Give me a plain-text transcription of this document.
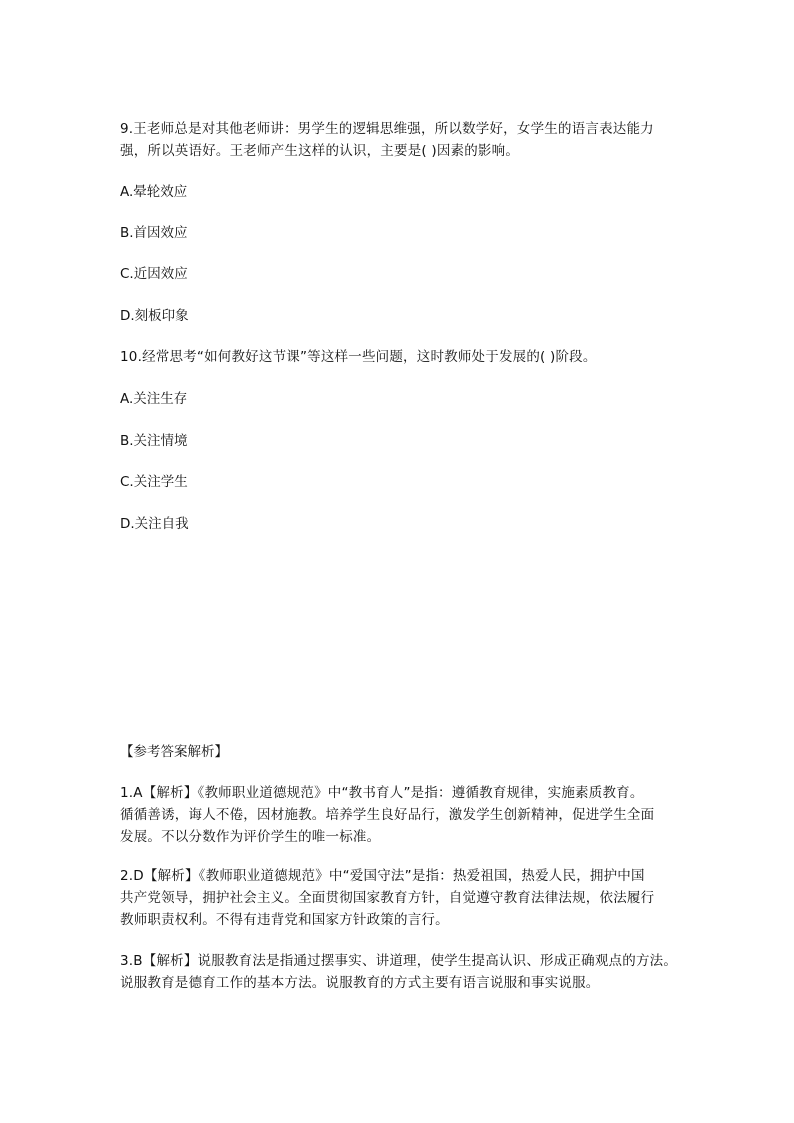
9.王老师总是对其他老师讲：男学生的逻辑思维强，所以数学好，女学生的语言表达能力
强，所以英语好。王老师产生这样的认识，主要是( )因素的影响。
A.晕轮效应
B.首因效应
C.近因效应
D.刻板印象
10.经常思考“如何教好这节课”等这样一些问题，这时教师处于发展的( )阶段。
A.关注生存
B.关注情境
C.关注学生
D.关注自我
【参考答案解析】
1.A【解析】《教师职业道德规范》中“教书育人”是指：遵循教育规律，实施素质教育。
循循善诱，诲人不倦，因材施教。培养学生良好品行，激发学生创新精神，促进学生全面
发展。不以分数作为评价学生的唯一标准。
2.D【解析】《教师职业道德规范》中“爱国守法”是指：热爱祖国，热爱人民，拥护中国
共产党领导，拥护社会主义。全面贯彻国家教育方针，自觉遵守教育法律法规，依法履行
教师职责权利。不得有违背党和国家方针政策的言行。
3.B【解析】说服教育法是指通过摆事实、讲道理，使学生提高认识、形成正确观点的方法。
说服教育是德育工作的基本方法。说服教育的方式主要有语言说服和事实说服。
